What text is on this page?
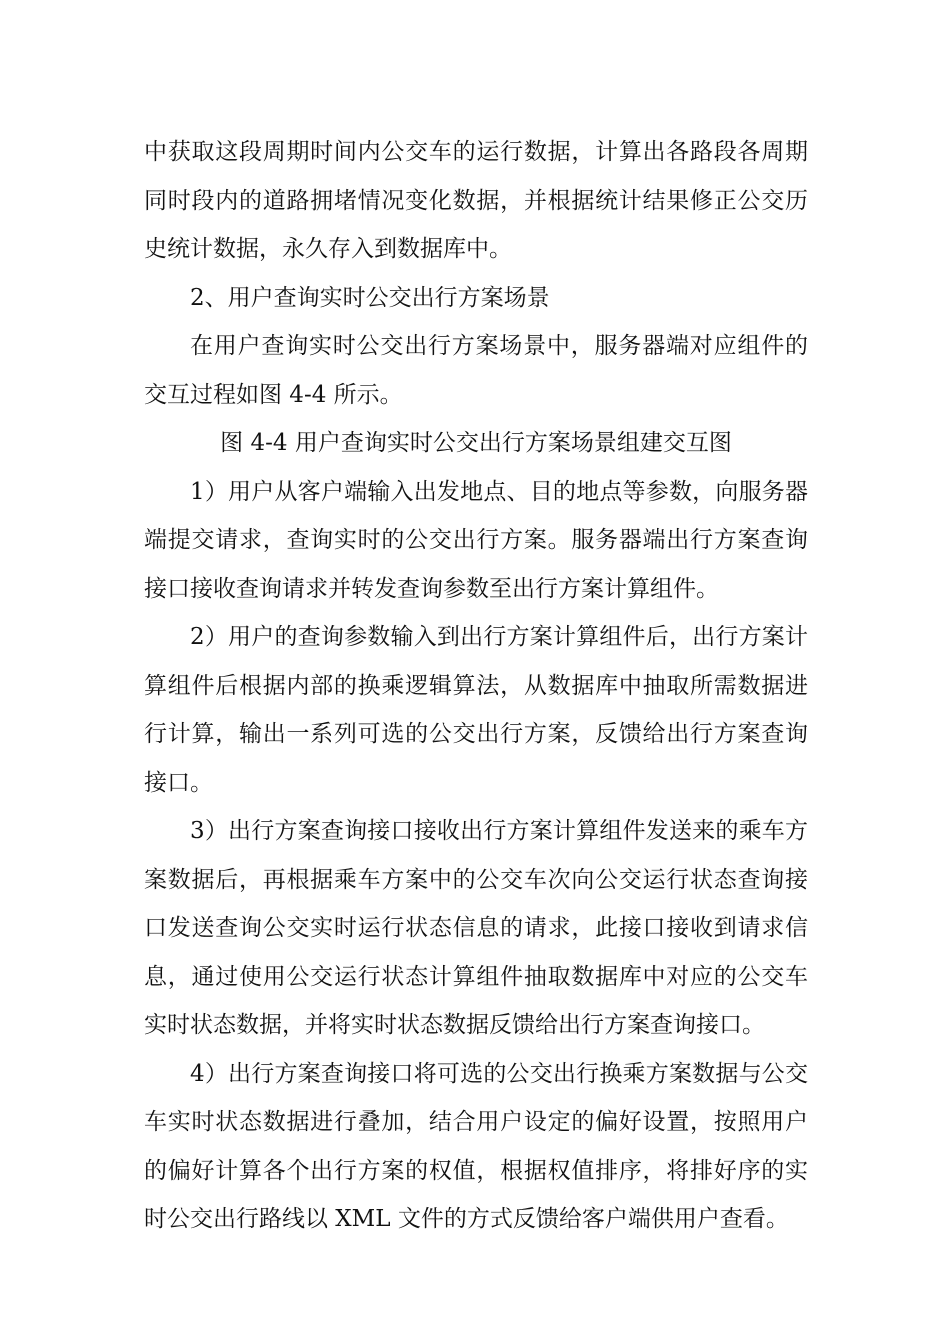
中获取这段周期时间内公交车的运行数据，计算出各路段各周期同时段内的道路拥堵情况变化数据，并根据统计结果修正公交历史统计数据，永久存入到数据库中。

2、用户查询实时公交出行方案场景

在用户查询实时公交出行方案场景中，服务器端对应组件的交互过程如图 4-4 所示。

图 4-4 用户查询实时公交出行方案场景组建交互图

1）用户从客户端输入出发地点、目的地点等参数，向服务器端提交请求，查询实时的公交出行方案。服务器端出行方案查询接口接收查询请求并转发查询参数至出行方案计算组件。

2）用户的查询参数输入到出行方案计算组件后，出行方案计算组件后根据内部的换乘逻辑算法，从数据库中抽取所需数据进行计算，输出一系列可选的公交出行方案，反馈给出行方案查询接口。

3）出行方案查询接口接收出行方案计算组件发送来的乘车方案数据后，再根据乘车方案中的公交车次向公交运行状态查询接口发送查询公交实时运行状态信息的请求，此接口接收到请求信息，通过使用公交运行状态计算组件抽取数据库中对应的公交车实时状态数据，并将实时状态数据反馈给出行方案查询接口。

4）出行方案查询接口将可选的公交出行换乘方案数据与公交车实时状态数据进行叠加，结合用户设定的偏好设置，按照用户的偏好计算各个出行方案的权值，根据权值排序，将排好序的实时公交出行路线以 XML 文件的方式反馈给客户端供用户查看。
